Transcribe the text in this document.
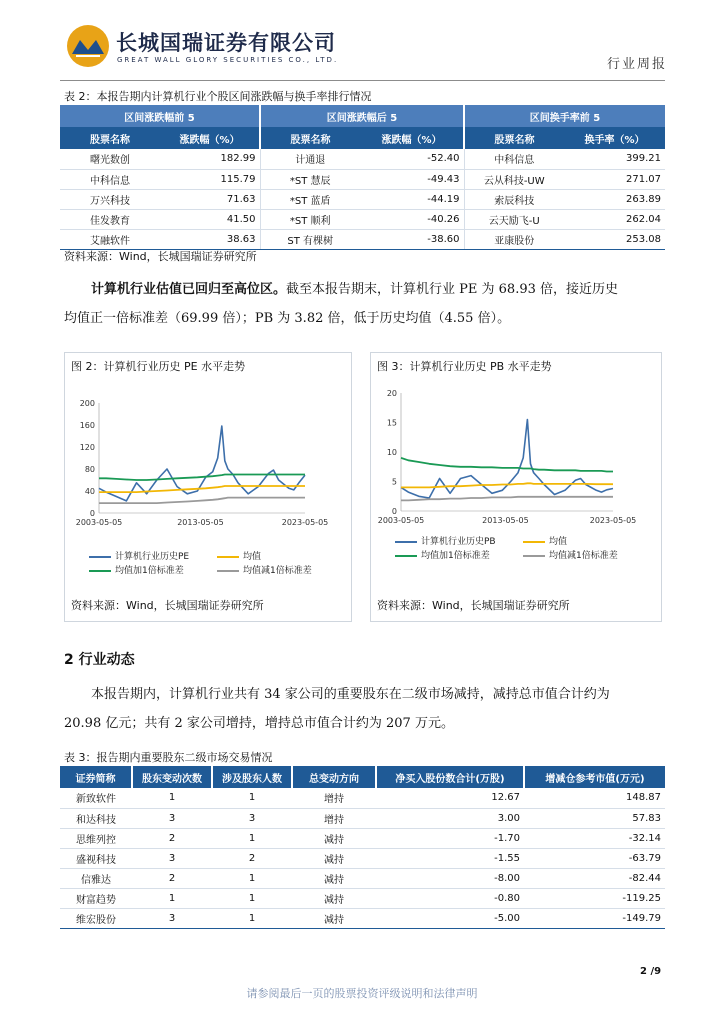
长城国瑞证券有限公司
GREAT WALL GLORY SECURITIES CO., LTD.	行业周报
表 2：本报告期内计算机行业个股区间涨跌幅与换手率排行情况
区间涨跌幅前 5		区间涨跌幅后 5		区间换手率前 5	
股票名称	涨跌幅（%）	股票名称	涨跌幅（%）	股票名称	换手率（%）
曙光数创	182.99	计通退	-52.40	中科信息	399.21
中科信息	115.79	*ST 慧辰	-49.43	云从科技-UW	271.07
万兴科技	71.63	*ST 蓝盾	-44.19	索辰科技	263.89
佳发教育	41.50	*ST 顺利	-40.26	云天励飞-U	262.04
艾融软件	38.63	ST 有棵树	-38.60	亚康股份	253.08
资料来源：Wind，长城国瑞证券研究所
计算机行业估值已回归至高位区。截至本报告期末，计算机行业 PE 为 68.93 倍，接近历史
均值正一倍标准差（69.99 倍）；PB 为 3.82 倍，低于历史均值（4.55 倍）。
图 2：计算机行业历史 PE 水平走势
0
40
80
120
160
200
2003-05-05	2013-05-05	2023-05-05
计算机行业历史PE	均值
均值加1倍标准差	均值减1倍标准差
资料来源：Wind，长城国瑞证券研究所
图 3：计算机行业历史 PB 水平走势
0
5
10
15
20
2003-05-05	2013-05-05	2023-05-05
计算机行业历史PB	均值
均值加1倍标准差	均值减1倍标准差
资料来源：Wind，长城国瑞证券研究所
2 行业动态
本报告期内，计算机行业共有 34 家公司的重要股东在二级市场减持，减持总市值合计约为
20.98 亿元；共有 2 家公司增持，增持总市值合计约为 207 万元。
表 3：报告期内重要股东二级市场交易情况
证券简称	股东变动次数	涉及股东人数	总变动方向	净买入股份数合计(万股)	增减仓参考市值(万元)
新致软件	1	1	增持	12.67	148.87
和达科技	3	3	增持	3.00	57.83
思维列控	2	1	减持	-1.70	-32.14
盛视科技	3	2	减持	-1.55	-63.79
信雅达	2	1	减持	-8.00	-82.44
财富趋势	1	1	减持	-0.80	-119.25
维宏股份	3	1	减持	-5.00	-149.79
2 /9
请参阅最后一页的股票投资评级说明和法律声明
